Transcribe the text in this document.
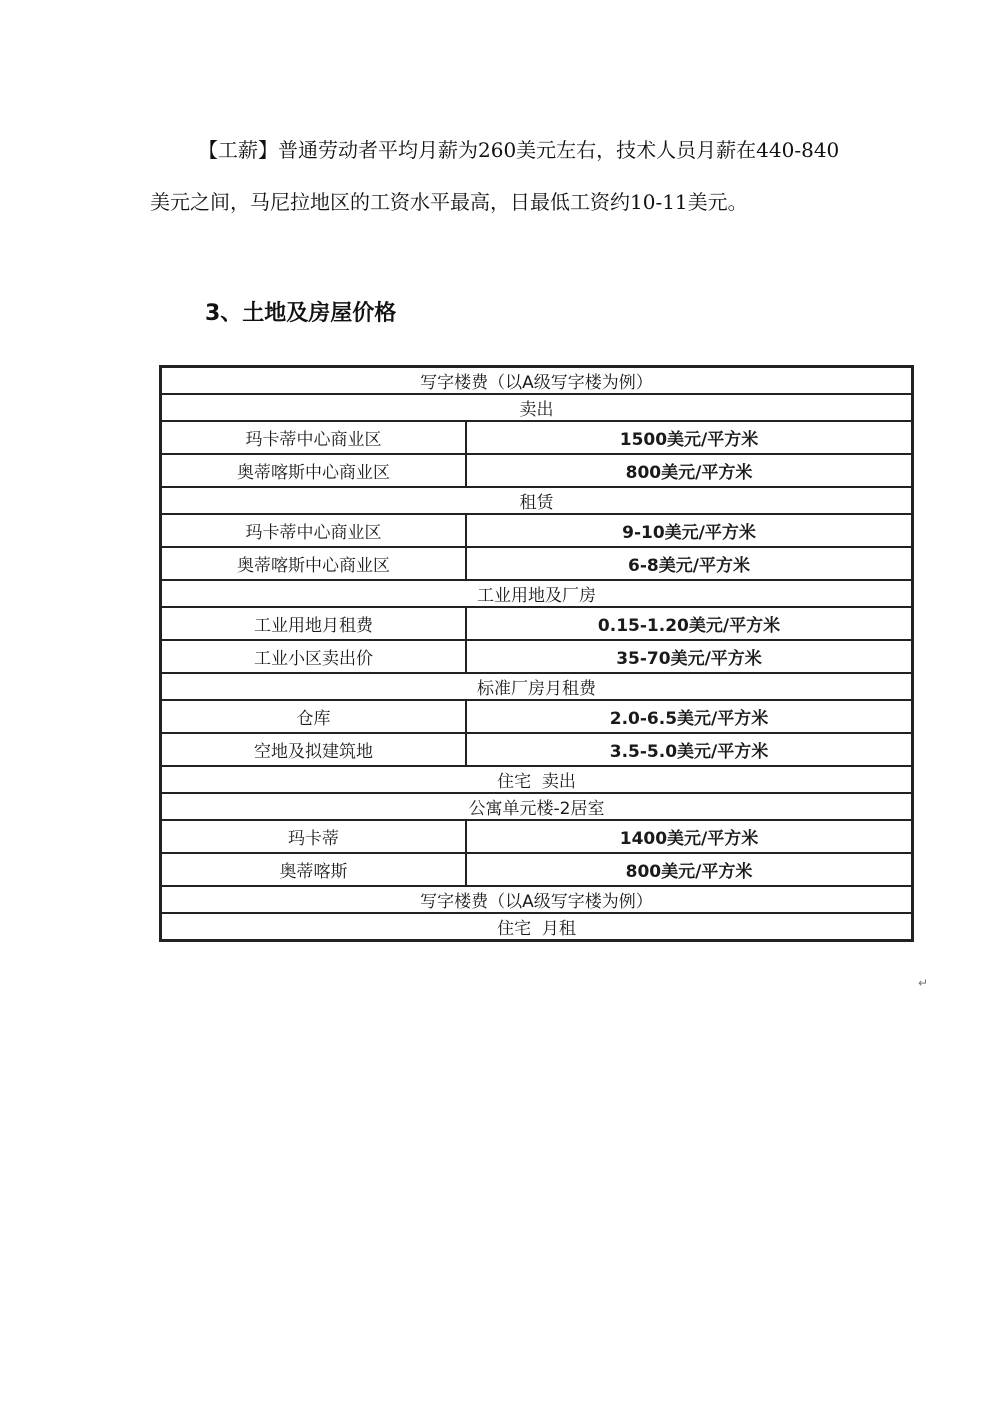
【工薪】普通劳动者平均月薪为260美元左右，技术人员月薪在440-840美元之间，马尼拉地区的工资水平最高，日最低工资约10-11美元。

3、土地及房屋价格
写字楼费（以A级写字楼为例）	
卖出	
玛卡蒂中心商业区	1500美元/平方米
奥蒂喀斯中心商业区	800美元/平方米
租赁	
玛卡蒂中心商业区	9-10美元/平方米
奥蒂喀斯中心商业区	6-8美元/平方米
工业用地及厂房	
工业用地月租费	0.15-1.20美元/平方米
工业小区卖出价	35-70美元/平方米
标准厂房月租费	
仓库	2.0-6.5美元/平方米
空地及拟建筑地	3.5-5.0美元/平方米
住宅  卖出	
公寓单元楼-2居室	
玛卡蒂	1400美元/平方米
奥蒂喀斯	800美元/平方米
写字楼费（以A级写字楼为例）	
住宅  月租	
↵
